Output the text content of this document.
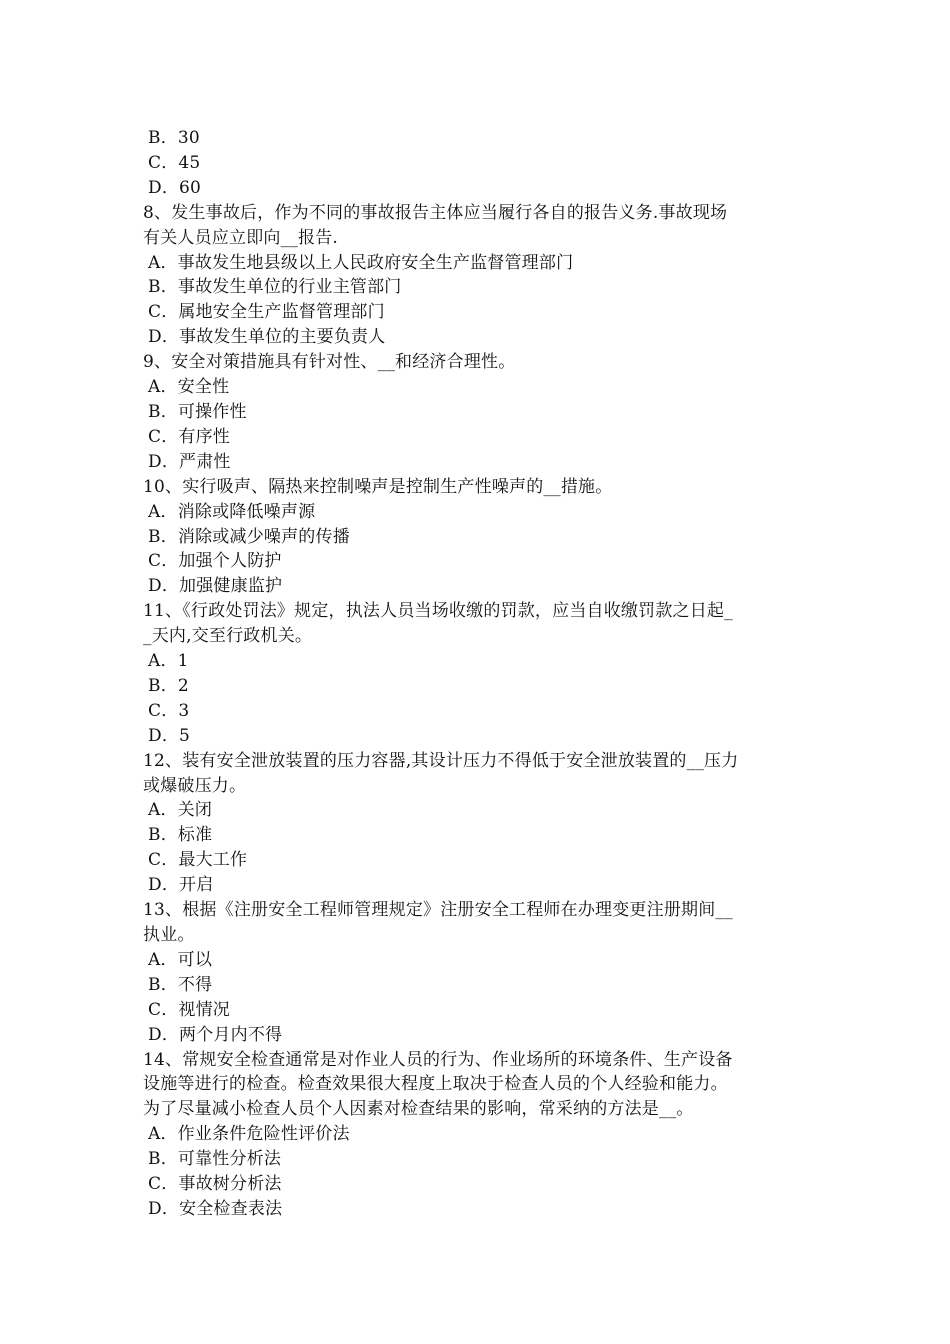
B．30
C．45
D．60
8、发生事故后，作为不同的事故报告主体应当履行各自的报告义务.事故现场
有关人员应立即向__报告.
A．事故发生地县级以上人民政府安全生产监督管理部门
B．事故发生单位的行业主管部门
C．属地安全生产监督管理部门
D．事故发生单位的主要负责人
9、安全对策措施具有针对性、__和经济合理性。
A．安全性
B．可操作性
C．有序性
D．严肃性
10、实行吸声、隔热来控制噪声是控制生产性噪声的__措施。
A．消除或降低噪声源
B．消除或减少噪声的传播
C．加强个人防护
D．加强健康监护
11、《行政处罚法》规定，执法人员当场收缴的罚款，应当自收缴罚款之日起_
_天内,交至行政机关。
A．1
B．2
C．3
D．5
12、装有安全泄放装置的压力容器,其设计压力不得低于安全泄放装置的__压力
或爆破压力。
A．关闭
B．标准
C．最大工作
D．开启
13、根据《注册安全工程师管理规定》注册安全工程师在办理变更注册期间__
执业。
A．可以
B．不得
C．视情况
D．两个月内不得
14、常规安全检查通常是对作业人员的行为、作业场所的环境条件、生产设备
设施等进行的检查。检查效果很大程度上取决于检查人员的个人经验和能力。
为了尽量减小检查人员个人因素对检查结果的影响，常采纳的方法是__。
A．作业条件危险性评价法
B．可靠性分析法
C．事故树分析法
D．安全检查表法
